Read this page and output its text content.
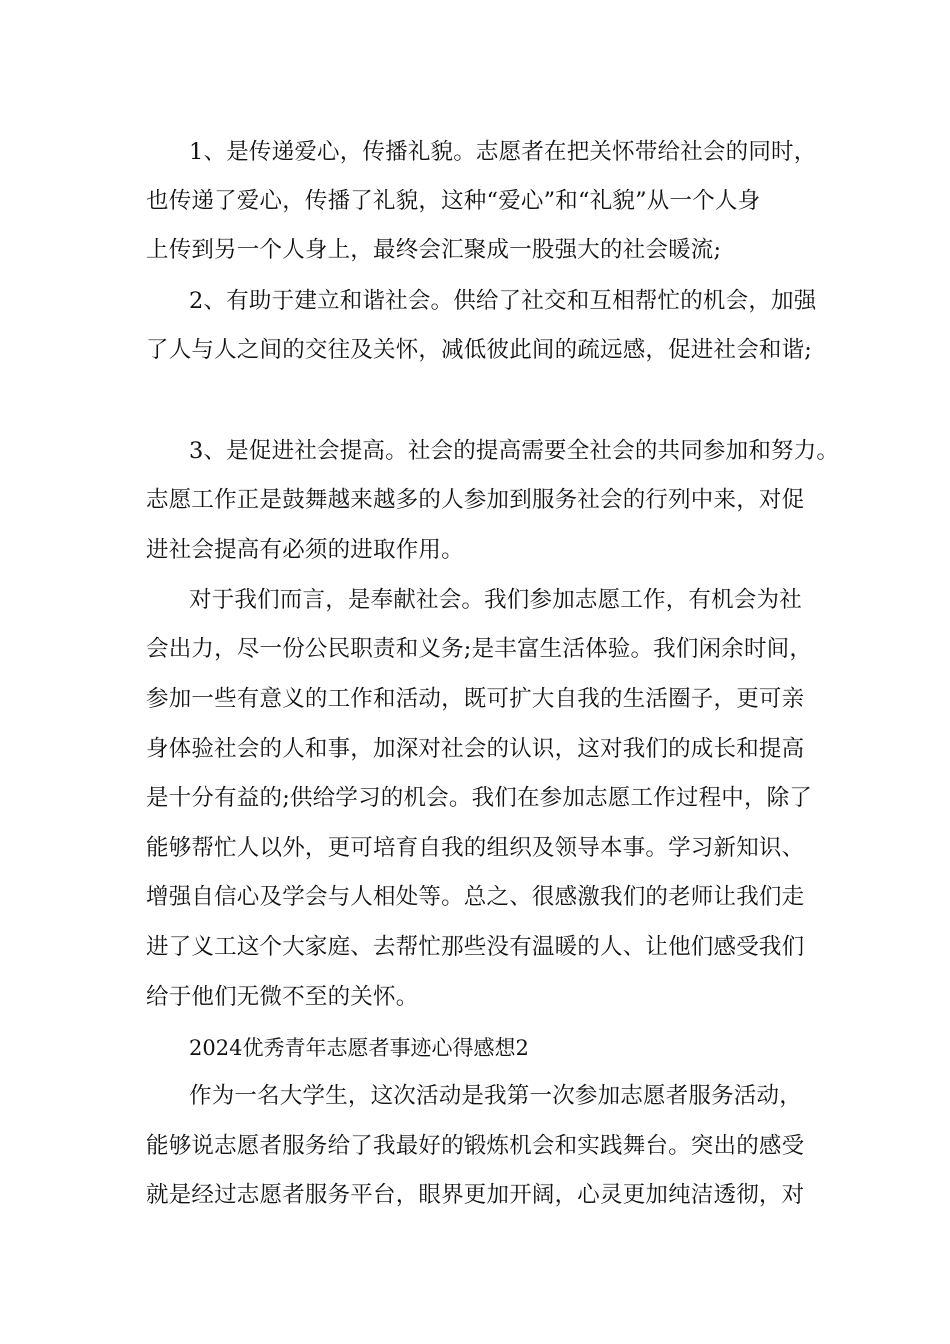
1、是传递爱心，传播礼貌。志愿者在把关怀带给社会的同时，
也传递了爱心，传播了礼貌，这种“爱心”和“礼貌”从一个人身
上传到另一个人身上，最终会汇聚成一股强大的社会暖流;
2、有助于建立和谐社会。供给了社交和互相帮忙的机会，加强
了人与人之间的交往及关怀，减低彼此间的疏远感，促进社会和谐;
3、是促进社会提高。社会的提高需要全社会的共同参加和努力。
志愿工作正是鼓舞越来越多的人参加到服务社会的行列中来，对促
进社会提高有必须的进取作用。
对于我们而言，是奉献社会。我们参加志愿工作，有机会为社
会出力，尽一份公民职责和义务;是丰富生活体验。我们闲余时间，
参加一些有意义的工作和活动，既可扩大自我的生活圈子，更可亲
身体验社会的人和事，加深对社会的认识，这对我们的成长和提高
是十分有益的;供给学习的机会。我们在参加志愿工作过程中，除了
能够帮忙人以外，更可培育自我的组织及领导本事。学习新知识、
增强自信心及学会与人相处等。总之、很感激我们的老师让我们走
进了义工这个大家庭、去帮忙那些没有温暖的人、让他们感受我们
给于他们无微不至的关怀。
2024优秀青年志愿者事迹心得感想2
作为一名大学生，这次活动是我第一次参加志愿者服务活动，
能够说志愿者服务给了我最好的锻炼机会和实践舞台。突出的感受
就是经过志愿者服务平台，眼界更加开阔，心灵更加纯洁透彻，对
